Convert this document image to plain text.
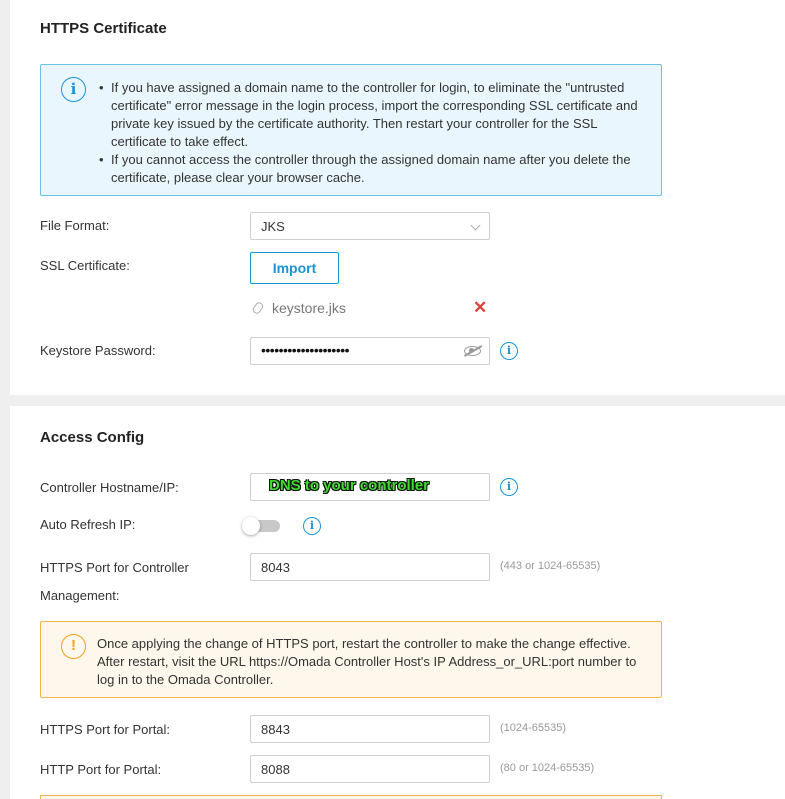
HTTPS Certificate
i
•	If you have assigned a domain name to the controller for login, to eliminate the "untrusted certificate" error message in the login process, import the corresponding SSL certificate and private key issued by the certificate authority. Then restart your controller for the SSL certificate to take effect.
• If you cannot access the controller through the assigned domain name after you delete the certificate, please clear your browser cache.
File Format:	JKS
SSL Certificate:	Import
keystore.jks	✕
Keystore Password:	••••••••••••••••••••	i
Access Config
Controller Hostname/IP:	DNS to your controller	i
Auto Refresh IP:	i
HTTPS Port for Controller
Management:
8043	(443 or 1024-65535)
!	Once applying the change of HTTPS port, restart the controller to make the change effective. After restart, visit the URL https://Omada Controller Host's IP Address_or_URL:port number to log in to the Omada Controller.
HTTPS Port for Portal:	8843	(1024-65535)
HTTP Port for Portal:	8088	(80 or 1024-65535)
